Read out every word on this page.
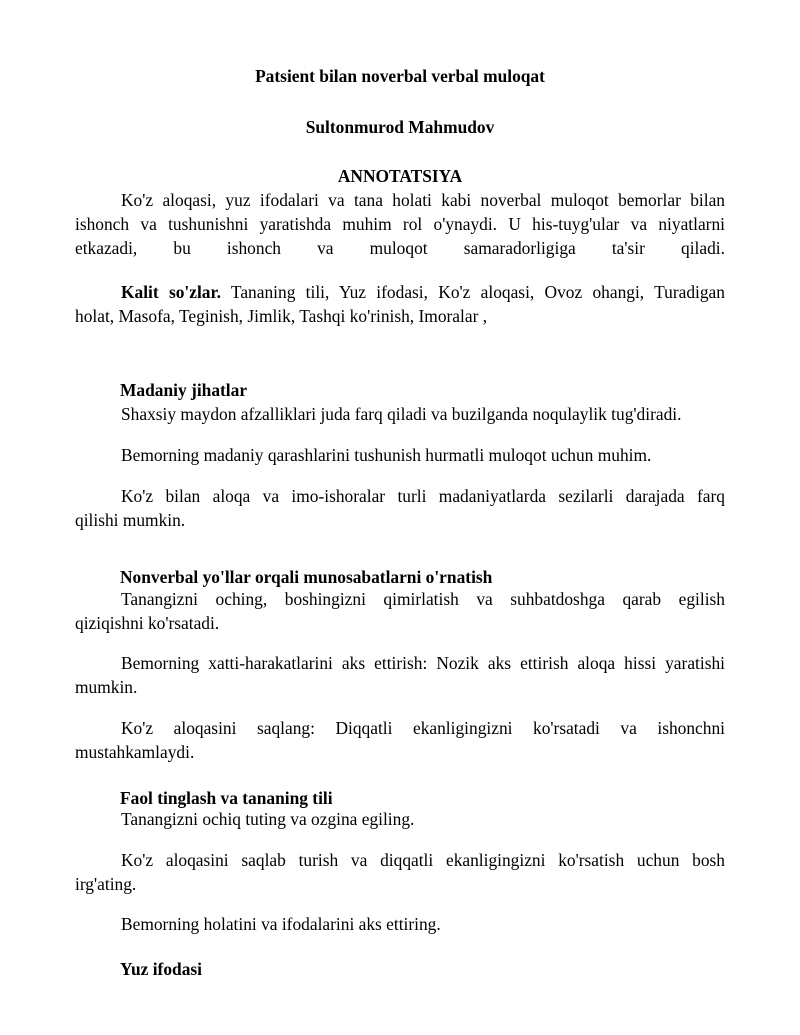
Patsient bilan noverbal verbal muloqat
Sultonmurod Mahmudov
ANNOTATSIYA
Ko'z aloqasi, yuz ifodalari va tana holati kabi noverbal muloqot bemorlar bilan
ishonch va tushunishni yaratishda muhim rol o'ynaydi. U his-tuyg'ular va niyatlarni
etkazadi, bu ishonch va muloqot samaradorligiga ta'sir qiladi.
Kalit so'zlar. Tananing tili, Yuz ifodasi, Ko'z aloqasi, Ovoz ohangi, Turadigan
holat, Masofa, Teginish, Jimlik, Tashqi ko'rinish, Imoralar ,
Madaniy jihatlar
Shaxsiy maydon afzalliklari juda farq qiladi va buzilganda noqulaylik tug'diradi.
Bemorning madaniy qarashlarini tushunish hurmatli muloqot uchun muhim.
Ko'z bilan aloqa va imo-ishoralar turli madaniyatlarda sezilarli darajada farq
qilishi mumkin.
Nonverbal yo'llar orqali munosabatlarni o'rnatish
Tanangizni oching, boshingizni qimirlatish va suhbatdoshga qarab egilish
qiziqishni ko'rsatadi.
Bemorning xatti-harakatlarini aks ettirish: Nozik aks ettirish aloqa hissi yaratishi
mumkin.
Ko'z aloqasini saqlang: Diqqatli ekanligingizni ko'rsatadi va ishonchni
mustahkamlaydi.
Faol tinglash va tananing tili
Tanangizni ochiq tuting va ozgina egiling.
Ko'z aloqasini saqlab turish va diqqatli ekanligingizni ko'rsatish uchun bosh
irg'ating.
Bemorning holatini va ifodalarini aks ettiring.
Yuz ifodasi
